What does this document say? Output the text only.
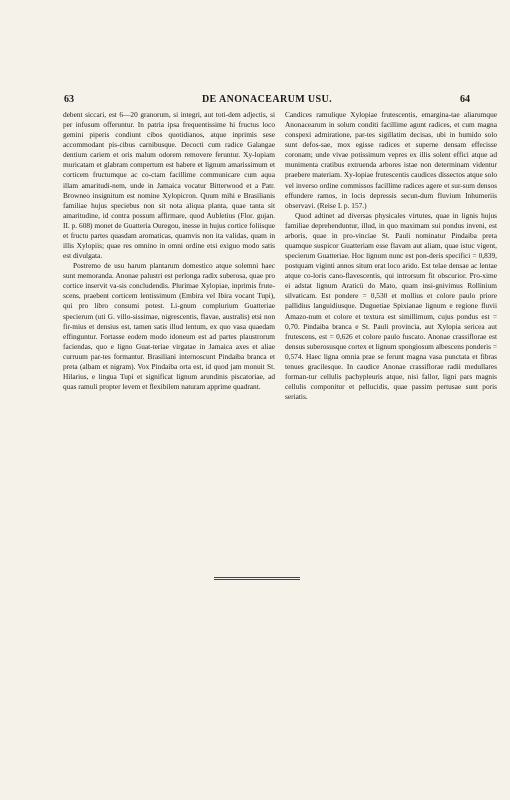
63	DE ANONACEARUM USU.	64

debent siccari, est 6—20 granorum, si integri, aut toti-dem adjectis, si per infusum offeruntur. In patria ipsa frequentissime hi fructus loco gemini piperis condiunt cibos quotidianos, atque inprimis sese accommodant pis-cibus carnibusque. Decocti cum radice Galangae dentium cariem et oris malum odorem removere feruntur. Xy-lopiam muricatam et glabram compertum est habere et lignum amarissimum et corticem fructumque ac co-ctam facillime communicare cum aqua illam amaritudi-nem, unde in Jamaica vocatur Bitterwood et a Patr. Browneo insignitum est nomine Xylopicron. Quum mihi e Brasilianis familiae hujus speciebus non sit nota aliqua planta, quae tanta sit amaritudine, id contra possum affirmare, quod Aubletius (Flor. gujan. II. p. 608) monet de Guatteria Ouregou, inesse in hujus cortice foliisque et fructu partes quasdam aromaticas, quamvis non ita validas, quam in illis Xylopiis; quae res omnino in omni ordine etsi exiguo modo satis est divulgata.

Postremo de usu harum plantarum domestico atque solemni haec sunt memoranda. Anonae palustri est perlonga radix suberosa, quae pro cortice inservit va-sis concludendis. Plurimae Xylopiae, inprimis frute-scens, praebent corticem lentissimum (Embira vel Ibira vocant Tupi), qui pro libro consumi potest. Li-gnum complurium Guatteriae specierum (uti G. villo-sissimae, nigrescentis, flavae, australis) etsi non fir-mius et densius est, tamen satis illud lentum, ex quo vasa quaedam effinguntur. Fortasse eodem modo idoneum est ad partes plaustrorum faciendas, quo e ligno Guat-teriae virgatae in Jamaica axes et aliae curruum par-tes formantur. Brasiliani internoscunt Pindaiba branca et preta (albam et nigram). Vox Pindaiba orta est, id quod jam monuit St. Hilarius, e lingua Tupi et significat lignum arundinis piscatoriae, ad quas ramuli propter levem et flexibilem naturam apprime quadrant.

Candices ramulique Xylopiae frutescentis, emargina-tae aliarumque Anonacearum in solum conditi facillime agunt radices, et cum magna conspexi admiratione, par-tes sigillatim decisas, ubi in humido solo sunt defos-sae, mox egisse radices et superne densam effecisse coronam; unde vivae potissimum vepres ex illis solent effici atque ad munimenta cratibus extruenda arbores istae non determinam videntur praebere materiam. Xy-lopiae frutescentis caudices dissectos atque solo vel inverso ordine commissos facillime radices agere et sur-sum densos effundere ramos, in locis depressis secun-dum fluvium Inhumeriis observavi. (Reise I. p. 157.)

Quod adtinet ad diversas physicales virtutes, quae in lignis hujus familiae deprehenduntur, illud, in quo maximam sui pondus inveni, est arboris, quae in pro-vinciae St. Pauli nominatur Pindaiba preta quamque suspicor Guatteriam esse flavam aut aliam, quae istuc vigent, specierum Guatteriae. Hoc lignum nunc est pon-deris specifici = 0,839, postquam viginti annos situm erat loco arido. Est telae densae ac lentae atque co-loris cano-flavescentis, qui introrsum fit obscurior. Pro-xime ei adstat lignum Araticü do Mato, quam insi-gnivimus Rollinium silvaticam. Est pondere = 0,530 et mollius et colore paulo priore pallidius languidiusque. Duguetiae Spixianae lignum e regione fluvii Amazo-num et colore et textura est simillimum, cujus pondus est = 0,70. Pindaiba branca e St. Pauli provincia, aut Xylopia sericea aut frutescens, est = 0,626 et colore paulo fuscato. Anonae crassiflorae est densus suberosusque cortex et lignum spongiosum albescens ponderis = 0,574. Haec ligna omnia prae se ferunt magna vasa punctata et fibras tenues gracilesque. In caudice Anonae crassiflorae radii medullares forman-tur cellulis pachypleuris atque, nisi fallor, ligni pars magnis cellulis componitur et pellucidis, quae passim pertusae sunt poris seriatis.
